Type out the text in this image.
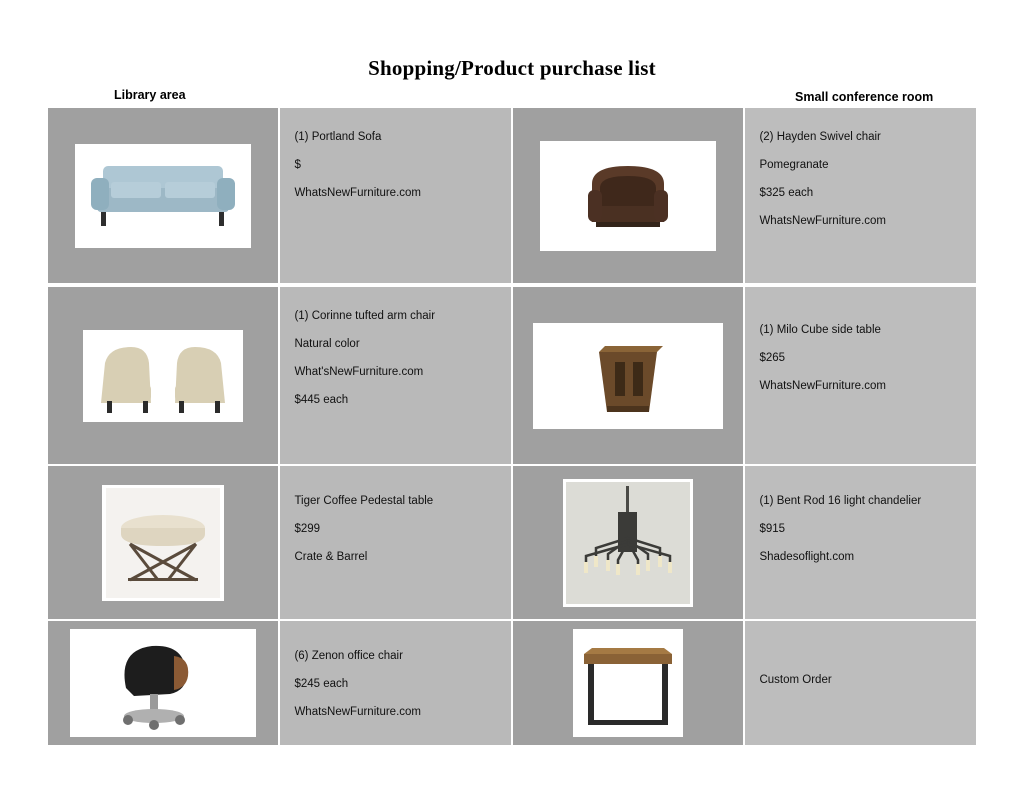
Shopping/Product purchase list
Library area	Small conference room
(1) Portland Sofa
$
WhatsNewFurniture.com
(2) Hayden Swivel chair
Pomegranate
$325 each
WhatsNewFurniture.com
(1) Corinne tufted arm chair
Natural color
What'sNewFurniture.com
$445 each
(1) Milo Cube side table
$265
WhatsNewFurniture.com
Tiger Coffee Pedestal table
$299
Crate & Barrel
(1) Bent Rod 16 light chandelier
$915
Shadesoflight.com
(6) Zenon office chair
$245 each
WhatsNewFurniture.com
Custom Order
